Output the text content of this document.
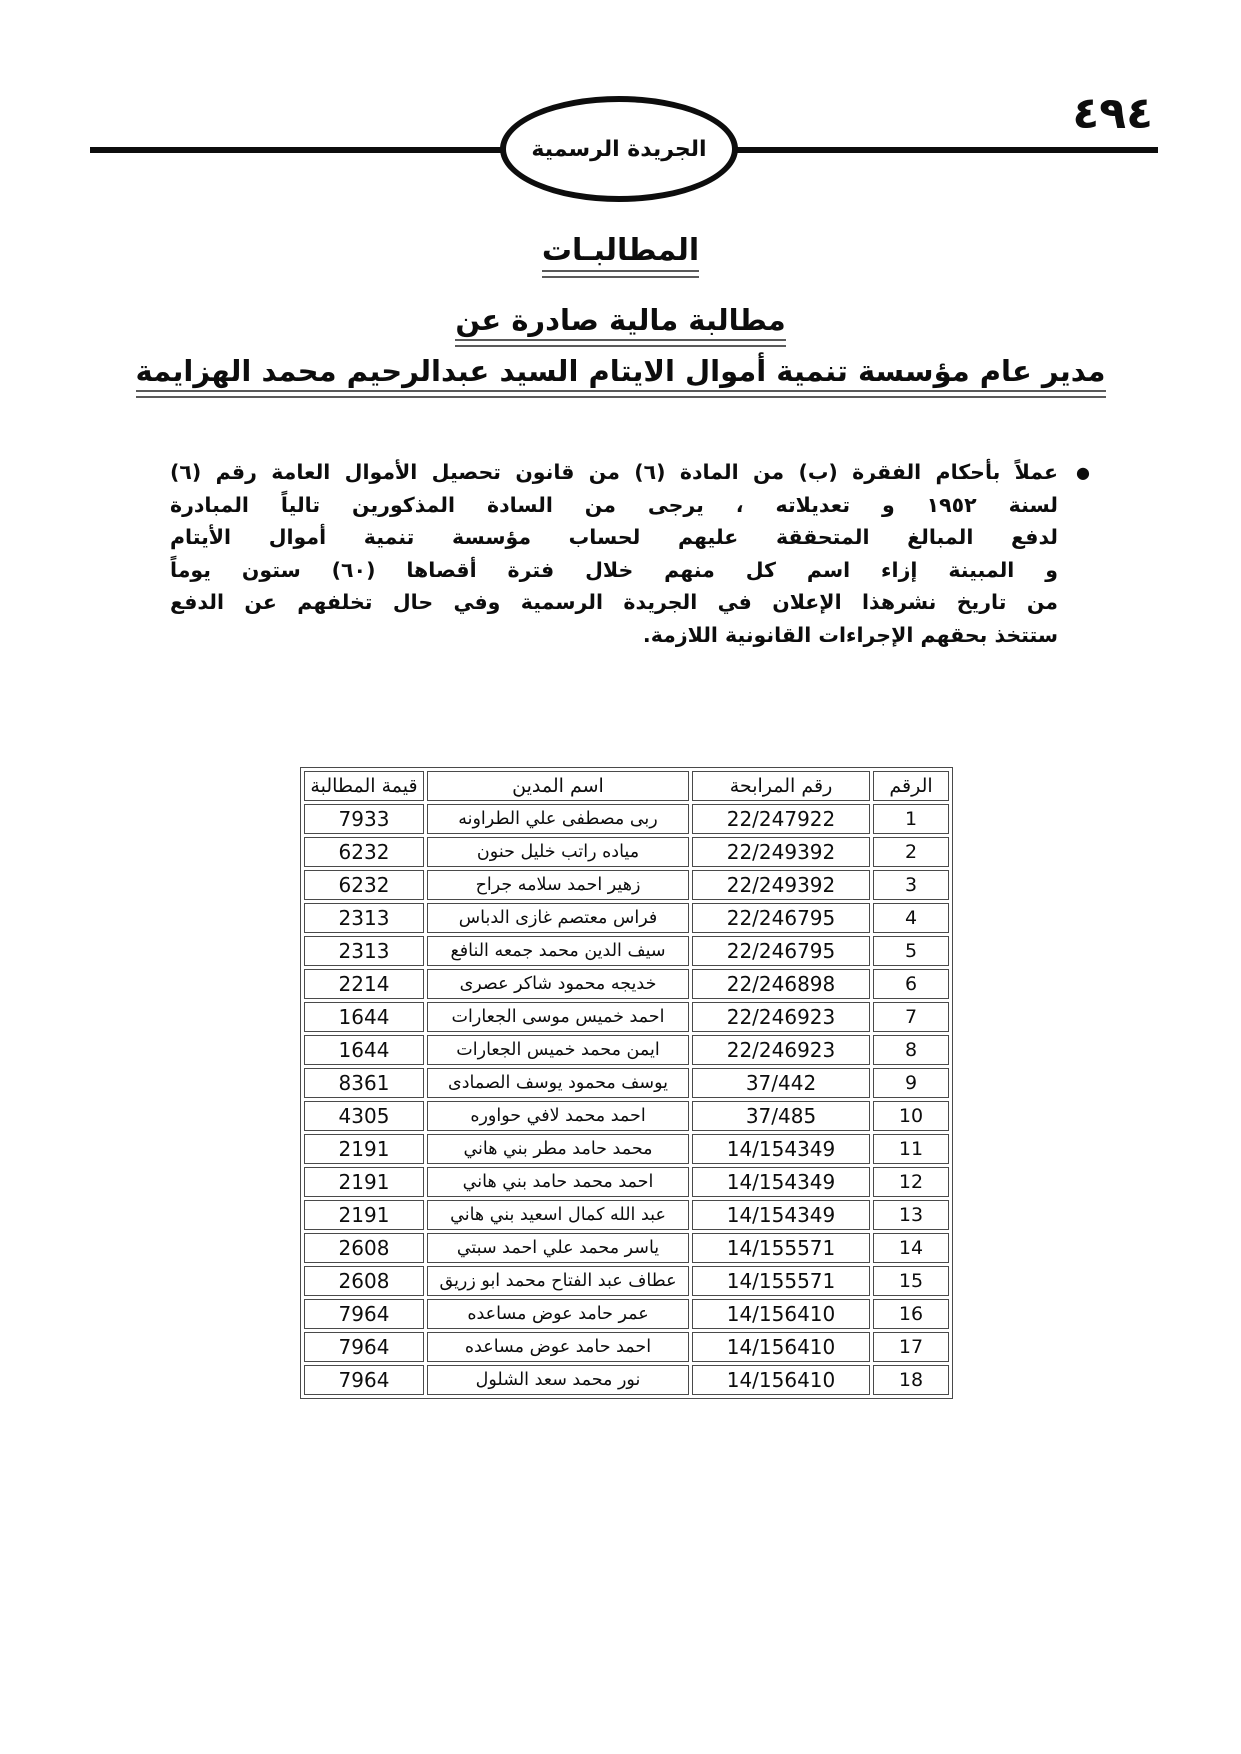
٤٩٤
الجريدة الرسمية
المطالبـات
مطالبة مالية صادرة عن
مدير عام مؤسسة تنمية أموال الايتام السيد عبدالرحيم محمد الهزايمة
●
عملاً بأحكام الفقرة (ب) من المادة (٦) من قانون تحصيل الأموال العامة رقم (٦)
لسنة ١٩٥٢ و تعديلاته ، يرجى من السادة المذكورين تالياً المبادرة
لدفع المبالغ المتحققة عليهم لحساب مؤسسة تنمية أموال الأيتام
و المبينة إزاء اسم كل منهم خلال فترة أقصاها (٦٠) ستون يوماً
من تاريخ نشرهذا الإعلان في الجريدة الرسمية وفي حال تخلفهم عن الدفع
ستتخذ بحقهم الإجراءات القانونية اللازمة.
الرقم	رقم المرابحة	اسم المدين	قيمة المطالبة
1	22/247922	ربى مصطفى علي الطراونه	7933
2	22/249392	مياده راتب خليل حنون	6232
3	22/249392	زهير احمد سلامه جراح	6232
4	22/246795	فراس معتصم غازى الدباس	2313
5	22/246795	سيف الدين محمد جمعه النافع	2313
6	22/246898	خديجه محمود شاكر عصرى	2214
7	22/246923	احمد خميس موسى الجعارات	1644
8	22/246923	ايمن محمد خميس الجعارات	1644
9	37/442	يوسف محمود يوسف الصمادى	8361
10	37/485	احمد محمد لافي حواوره	4305
11	14/154349	محمد حامد مطر بني هاني	2191
12	14/154349	احمد محمد حامد بني هاني	2191
13	14/154349	عبد الله كمال اسعيد بني هاني	2191
14	14/155571	ياسر محمد علي احمد سبتي	2608
15	14/155571	عطاف عبد الفتاح محمد ابو زريق	2608
16	14/156410	عمر حامد عوض مساعده	7964
17	14/156410	احمد حامد عوض مساعده	7964
18	14/156410	نور محمد سعد الشلول	7964
